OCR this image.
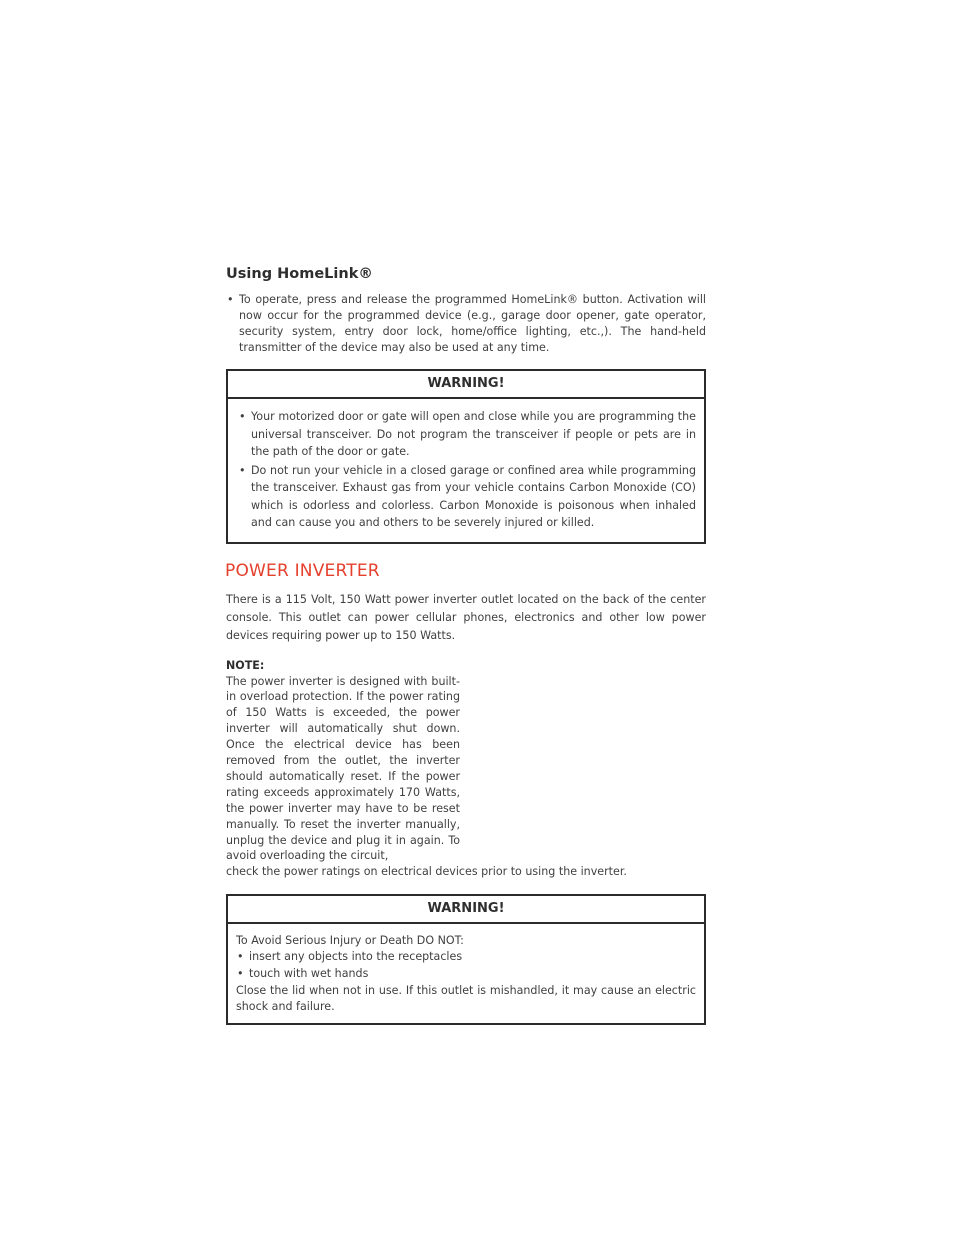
Using HomeLink®
• To operate, press and release the programmed HomeLink® button. Activation will now occur for the programmed device (e.g., garage door opener, gate operator, security system, entry door lock, home/office lighting, etc.,). The hand-held transmitter of the device may also be used at any time.
WARNING!
• Your motorized door or gate will open and close while you are programming the universal transceiver. Do not program the transceiver if people or pets are in the path of the door or gate.
• Do not run your vehicle in a closed garage or confined area while programming the transceiver. Exhaust gas from your vehicle contains Carbon Monoxide (CO) which is odorless and colorless. Carbon Monoxide is poisonous when inhaled and can cause you and others to be severely injured or killed.
POWER INVERTER

There is a 115 Volt, 150 Watt power inverter outlet located on the back of the center console. This outlet can power cellular phones, electronics and other low power devices requiring power up to 150 Watts.

NOTE:

The power inverter is designed with built-in overload protection. If the power rating of 150 Watts is exceeded, the power inverter will automatically shut down. Once the electrical device has been removed from the outlet, the inverter should automatically reset. If the power rating exceeds approximately 170 Watts, the power inverter may have to be reset manually. To reset the inverter manually, unplug the device and plug it in again. To avoid overloading the circuit,

check the power ratings on electrical devices prior to using the inverter.

WARNING!
To Avoid Serious Injury or Death DO NOT:
• insert any objects into the receptacles
• touch with wet hands
Close the lid when not in use. If this outlet is mishandled, it may cause an electric shock and failure.
